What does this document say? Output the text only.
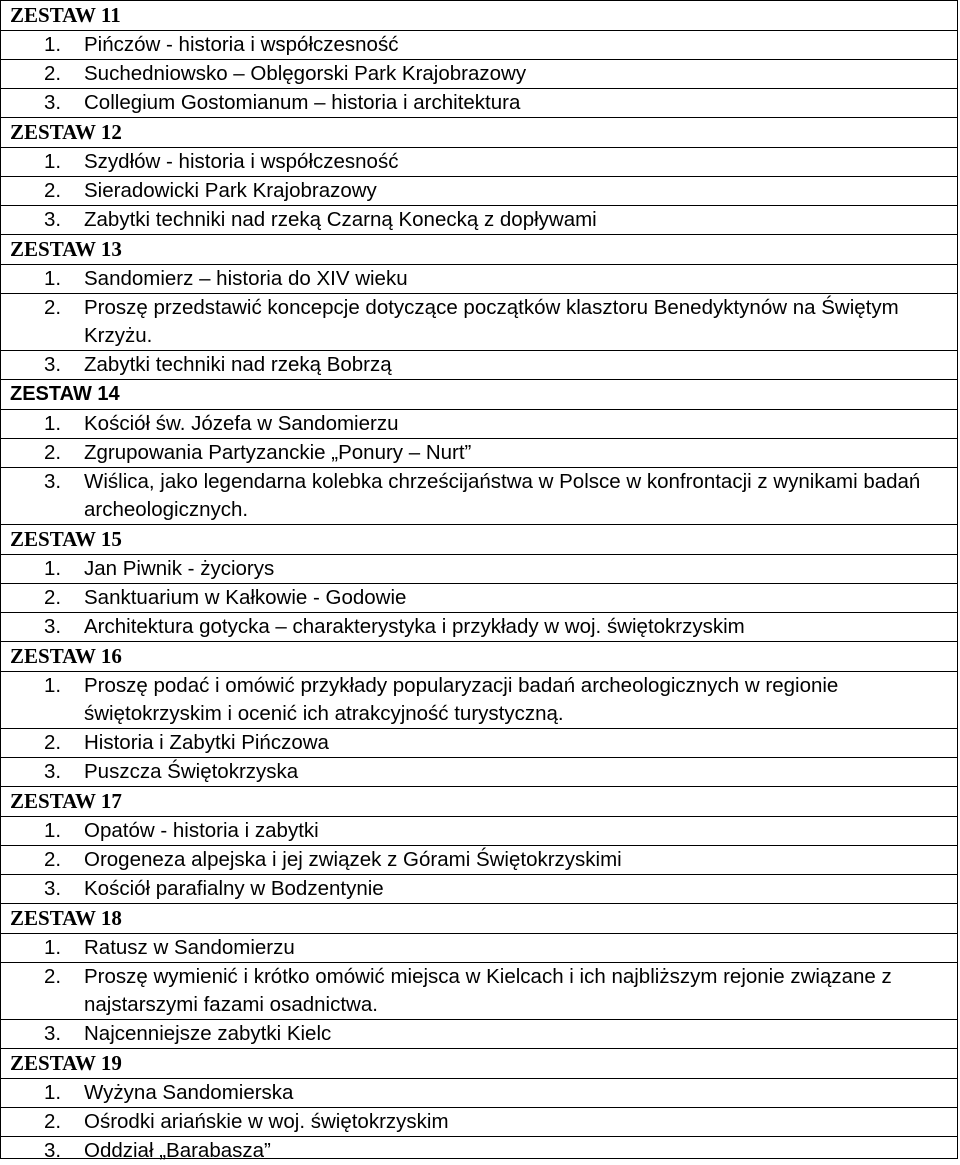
ZESTAW 11
1.	Pińczów - historia i współczesność
2.	Suchedniowsko – Oblęgorski Park Krajobrazowy
3.	Collegium Gostomianum – historia i architektura
ZESTAW 12
1.	Szydłów - historia i współczesność
2.	Sieradowicki Park Krajobrazowy
3.	Zabytki techniki nad rzeką Czarną Konecką z dopływami
ZESTAW 13
1.	Sandomierz – historia do XIV wieku
2.	Proszę przedstawić koncepcje dotyczące początków klasztoru Benedyktynów na Świętym Krzyżu.
3.	Zabytki techniki nad rzeką Bobrzą
ZESTAW 14
1.	Kościół św. Józefa w Sandomierzu
2.	Zgrupowania Partyzanckie „Ponury – Nurt”
3.	Wiślica, jako legendarna kolebka chrześcijaństwa w Polsce w konfrontacji z wynikami badań archeologicznych.
ZESTAW 15
1.	Jan Piwnik - życiorys
2.	Sanktuarium w Kałkowie - Godowie
3.	Architektura gotycka – charakterystyka i przykłady w woj. świętokrzyskim
ZESTAW 16
1.	Proszę podać i omówić przykłady popularyzacji badań archeologicznych w regionie świętokrzyskim i ocenić ich atrakcyjność turystyczną.
2.	Historia i Zabytki Pińczowa
3.	Puszcza Świętokrzyska
ZESTAW 17
1.	Opatów - historia i zabytki
2.	Orogeneza alpejska i jej związek z Górami Świętokrzyskimi
3.	Kościół parafialny w Bodzentynie
ZESTAW 18
1.	Ratusz w Sandomierzu
2.	Proszę wymienić i krótko omówić miejsca w Kielcach i ich najbliższym rejonie związane z najstarszymi fazami osadnictwa.
3.	Najcenniejsze zabytki Kielc
ZESTAW 19
1.	Wyżyna Sandomierska
2.	Ośrodki ariańskie w woj. świętokrzyskim
3.	Oddział „Barabasza”
